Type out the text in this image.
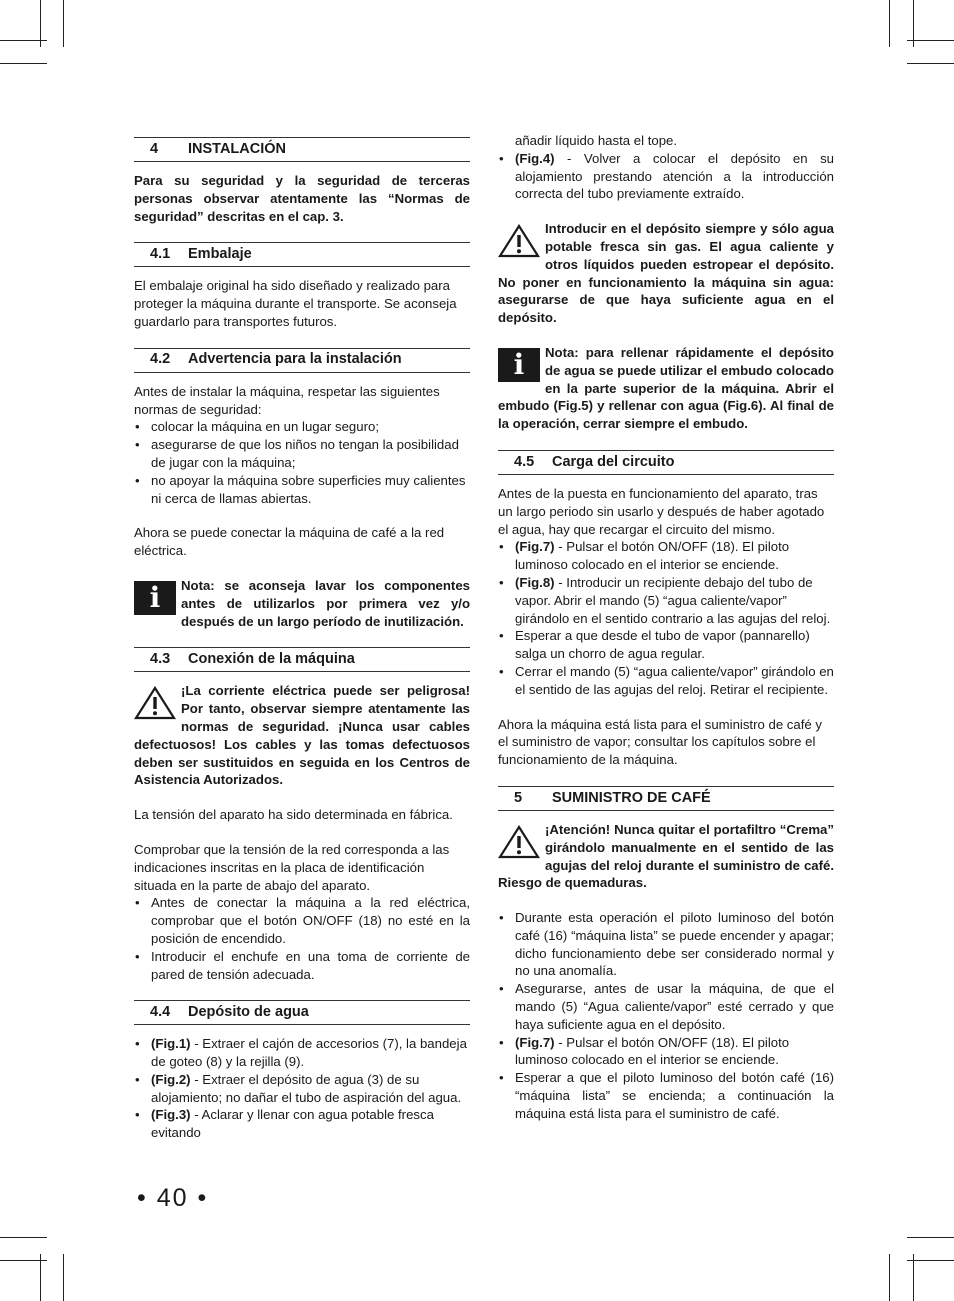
4	INSTALACIÓN

Para su seguridad y la seguridad de terceras personas observar atentamente las “Normas de seguridad” descritas en el cap. 3.

4.1	Embalaje

El embalaje original ha sido diseñado y realizado para proteger la máquina durante el transporte. Se aconseja guardarlo para transportes futuros.

4.2	Advertencia para la instalación
Antes de instalar la máquina, respetar las siguientes normas de seguridad:
• colocar la máquina en un lugar seguro;
• asegurarse de que los niños no tengan la posibilidad de jugar con la máquina;
• no apoyar la máquina sobre superficies muy calientes ni cerca de llamas abiertas.

Ahora se puede conectar la máquina de café a la red eléctrica.

i	Nota: se aconseja lavar los componentes antes de utilizarlos por primera vez y/o después de un largo período de inutilización.
4.3	Conexión de la máquina
¡La corriente eléctrica puede ser peligrosa! Por tanto, observar siempre atentamente las normas de seguridad. ¡Nunca usar cables defectuosos! Los cables y las tomas defectuosos deben ser sustituidos en seguida en los Centros de Asistencia Autorizados.

La tensión del aparato ha sido determinada en fábrica.

Comprobar que la tensión de la red corresponda a las indicaciones inscritas en la placa de identificación situada en la parte de abajo del aparato.
• Antes de conectar la máquina a la red eléctrica, comprobar que el botón ON/OFF (18) no esté en la posición de encendido.
• Introducir el enchufe en una toma de corriente de pared de tensión adecuada.
4.4	Depósito de agua
• (Fig.1) - Extraer el cajón de accesorios (7), la bandeja de goteo (8) y la rejilla (9).
• (Fig.2) - Extraer el depósito de agua (3) de su alojamiento; no dañar el tubo de aspiración del agua.
• (Fig.3) - Aclarar y llenar con agua potable fresca evitando
añadir líquido hasta el tope.
• (Fig.4) - Volver a colocar el depósito en su alojamiento prestando atención a la introducción correcta del tubo previamente extraído.
Introducir en el depósito siempre y sólo agua potable fresca sin gas. El agua caliente y otros líquidos pueden estropear el depósito. No poner en funcionamiento la máquina sin agua: asegurarse de que haya suficiente agua en el depósito.
i	Nota: para rellenar rápidamente el depósito de agua se puede utilizar el embudo colocado en la parte superior de la máquina. Abrir el embudo (Fig.5) y rellenar con agua (Fig.6). Al final de la operación, cerrar siempre el embudo.
4.5	Carga del circuito
Antes de la puesta en funcionamiento del aparato, tras un largo periodo sin usarlo y después de haber agotado el agua, hay que recargar el circuito del mismo.
• (Fig.7) - Pulsar el botón ON/OFF (18). El piloto luminoso colocado en el interior se enciende.
• (Fig.8) - Introducir un recipiente debajo del tubo de vapor. Abrir el mando (5) “agua caliente/vapor” girándolo en el sentido contrario a las agujas del reloj.
• Esperar a que desde el tubo de vapor (pannarello) salga un chorro de agua regular.
• Cerrar el mando (5) “agua caliente/vapor” girándolo en el sentido de las agujas del reloj. Retirar el recipiente.

Ahora la máquina está lista para el suministro de café y el suministro de vapor; consultar los capítulos sobre el funcionamiento de la máquina.

5	SUMINISTRO DE CAFÉ
¡Atención! Nunca quitar el portafiltro “Crema” girándolo manualmente en el sentido de las agujas del reloj durante el suministro de café. Riesgo de quemaduras.
• Durante esta operación el piloto luminoso del botón café (16) “máquina lista” se puede encender y apagar; dicho funcionamiento debe ser considerado normal y no una anomalía.
• Asegurarse, antes de usar la máquina, de que el mando (5) “Agua caliente/vapor” esté cerrado y que haya suficiente agua en el depósito.
• (Fig.7) - Pulsar el botón ON/OFF (18). El piloto luminoso colocado en el interior se enciende.
• Esperar a que el piloto luminoso del botón café (16) “máquina lista” se encienda; a continuación la máquina está lista para el suministro de café.
• 40 •
